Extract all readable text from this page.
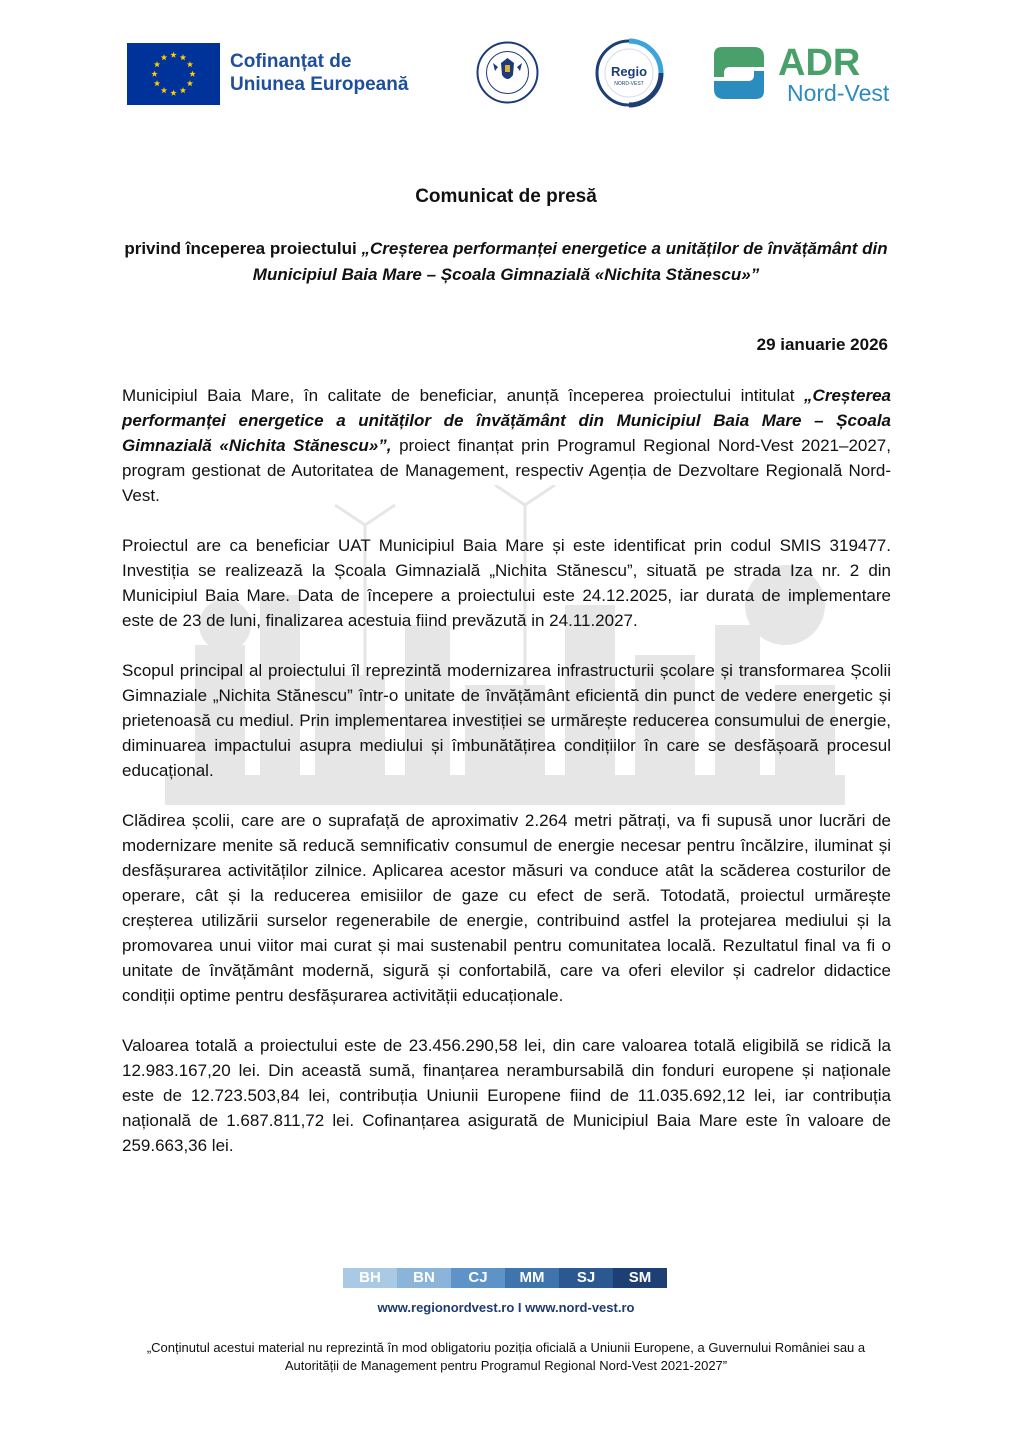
Cofinanțat de
Uniunea Europeană
Regio
NORD-VEST	ADR
Nord-Vest
Comunicat de presă
privind începerea proiectului „Creșterea performanței energetice a unităților de învățământ din Municipiul Baia Mare – Școala Gimnazială «Nichita Stănescu»”
29 ianuarie 2026

Municipiul Baia Mare, în calitate de beneficiar, anunță începerea proiectului intitulat „Creșterea performanței energetice a unităților de învățământ din Municipiul Baia Mare – Școala Gimnazială «Nichita Stănescu»”, proiect finanțat prin Programul Regional Nord-Vest 2021–2027, program gestionat de Autoritatea de Management, respectiv Agenția de Dezvoltare Regională Nord-Vest.

Proiectul are ca beneficiar UAT Municipiul Baia Mare și este identificat prin codul SMIS 319477. Investiția se realizează la Școala Gimnazială „Nichita Stănescu”, situată pe strada Iza nr. 2 din Municipiul Baia Mare. Data de începere a proiectului este 24.12.2025, iar durata de implementare este de 23 de luni, finalizarea acestuia fiind prevăzută in 24.11.2027.

Scopul principal al proiectului îl reprezintă modernizarea infrastructurii școlare și transformarea Școlii Gimnaziale „Nichita Stănescu” într-o unitate de învățământ eficientă din punct de vedere energetic și prietenoasă cu mediul. Prin implementarea investiției se urmărește reducerea consumului de energie, diminuarea impactului asupra mediului și îmbunătățirea condițiilor în care se desfășoară procesul educațional.

Clădirea școlii, care are o suprafață de aproximativ 2.264 metri pătrați, va fi supusă unor lucrări de modernizare menite să reducă semnificativ consumul de energie necesar pentru încălzire, iluminat și desfășurarea activităților zilnice. Aplicarea acestor măsuri va conduce atât la scăderea costurilor de operare, cât și la reducerea emisiilor de gaze cu efect de seră. Totodată, proiectul urmărește creșterea utilizării surselor regenerabile de energie, contribuind astfel la protejarea mediului și la promovarea unui viitor mai curat și mai sustenabil pentru comunitatea locală. Rezultatul final va fi o unitate de învățământ modernă, sigură și confortabilă, care va oferi elevilor și cadrelor didactice condiții optime pentru desfășurarea activității educaționale.

Valoarea totală a proiectului este de 23.456.290,58 lei, din care valoarea totală eligibilă se ridică la 12.983.167,20 lei. Din această sumă, finanțarea nerambursabilă din fonduri europene și naționale este de 12.723.503,84 lei, contribuția Uniunii Europene fiind de 11.035.692,12 lei, iar contribuția națională de 1.687.811,72 lei. Cofinanțarea asigurată de Municipiul Baia Mare este în valoare de 259.663,36 lei.

BH	BN	CJ	MM	SJ	SM
www.regionordvest.ro I www.nord-vest.ro
„Conținutul acestui material nu reprezintă în mod obligatoriu poziția oficială a Uniunii Europene, a Guvernului României sau a Autorității de Management pentru Programul Regional Nord-Vest 2021-2027”
